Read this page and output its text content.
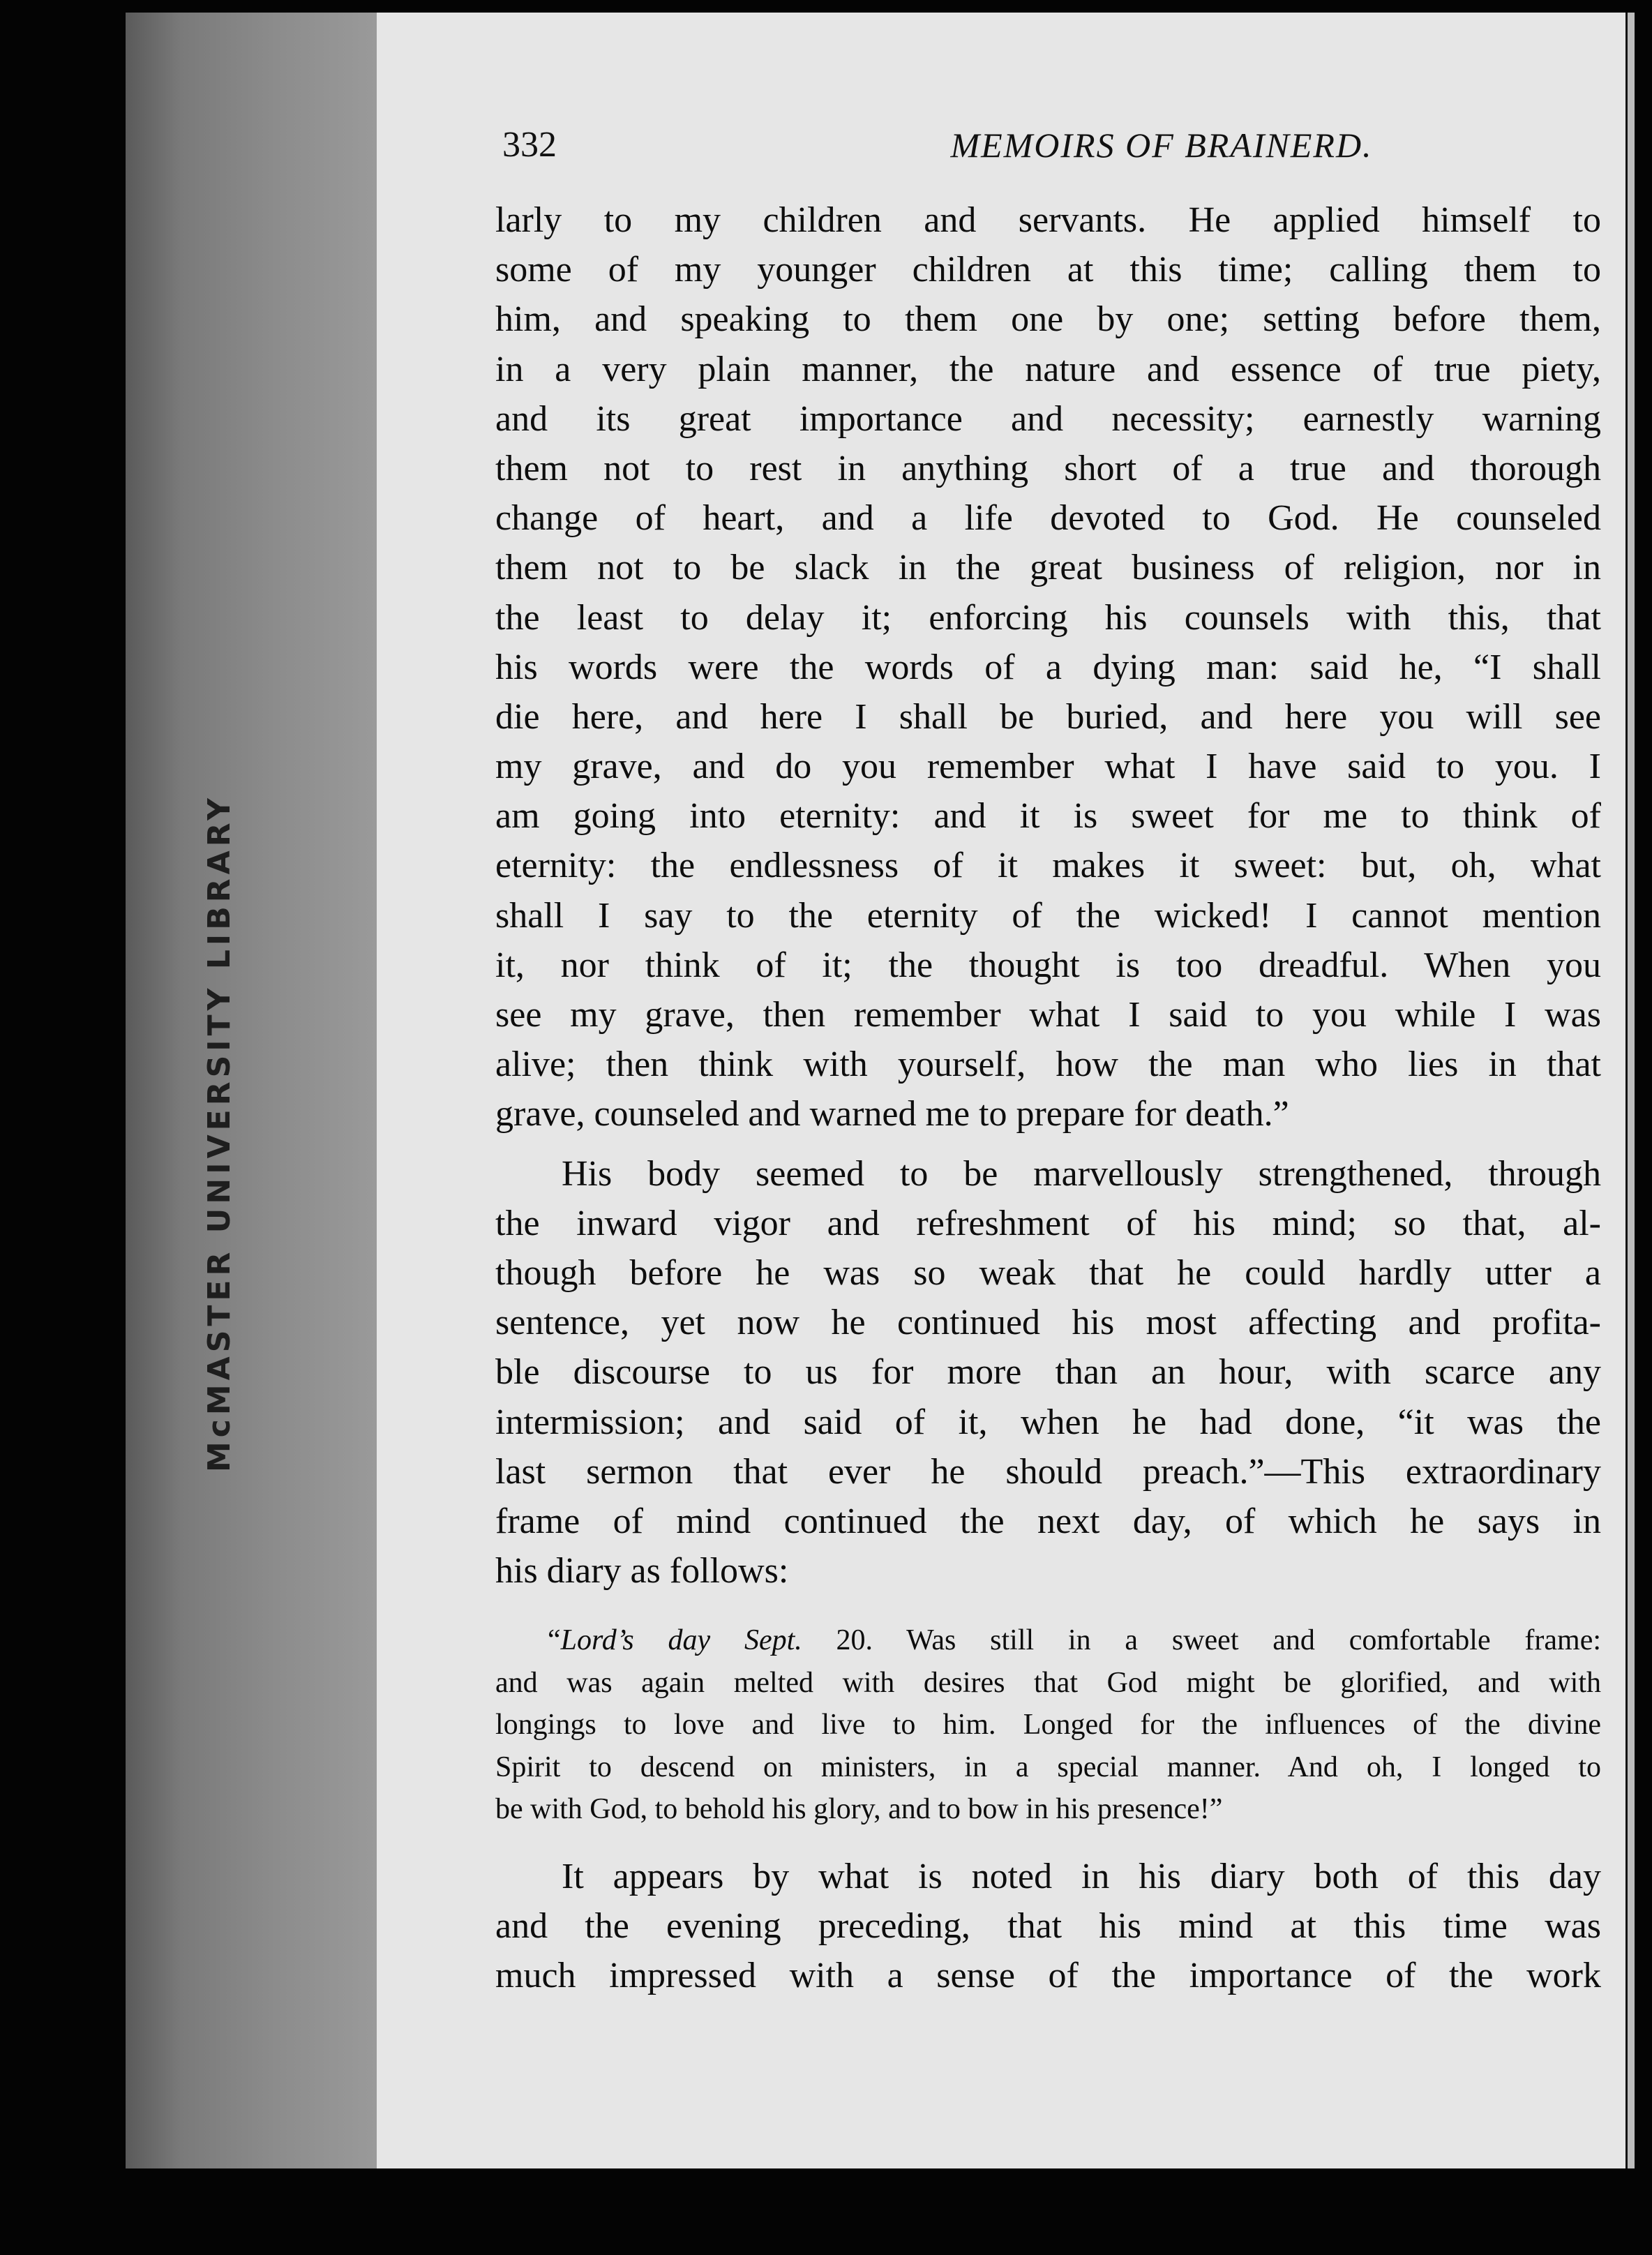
McMASTER UNIVERSITY LIBRARY
332	MEMOIRS OF BRAINERD.
larly to my children and servants. He applied himself to
some of my younger children at this time; calling them to
him, and speaking to them one by one; setting before them,
in a very plain manner, the nature and essence of true piety,
and its great importance and necessity; earnestly warning
them not to rest in anything short of a true and thorough
change of heart, and a life devoted to God. He counseled
them not to be slack in the great business of religion, nor in
the least to delay it; enforcing his counsels with this, that
his words were the words of a dying man: said he, “I shall
die here, and here I shall be buried, and here you will see
my grave, and do you remember what I have said to you. I
am going into eternity: and it is sweet for me to think of
eternity: the endlessness of it makes it sweet: but, oh, what
shall I say to the eternity of the wicked! I cannot mention
it, nor think of it; the thought is too dreadful. When you
see my grave, then remember what I said to you while I was
alive; then think with yourself, how the man who lies in that
grave, counseled and warned me to prepare for death.”
His body seemed to be marvellously strengthened, through
the inward vigor and refreshment of his mind; so that, al-
though before he was so weak that he could hardly utter a
sentence, yet now he continued his most affecting and profita-
ble discourse to us for more than an hour, with scarce any
intermission; and said of it, when he had done, “it was the
last sermon that ever he should preach.”—This extraordinary
frame of mind continued the next day, of which he says in
his diary as follows:
“Lord’s day Sept. 20. Was still in a sweet and comfortable frame:
and was again melted with desires that God might be glorified, and with
longings to love and live to him. Longed for the influences of the divine
Spirit to descend on ministers, in a special manner. And oh, I longed to
be with God, to behold his glory, and to bow in his presence!”
It appears by what is noted in his diary both of this day
and the evening preceding, that his mind at this time was
much impressed with a sense of the importance of the work
